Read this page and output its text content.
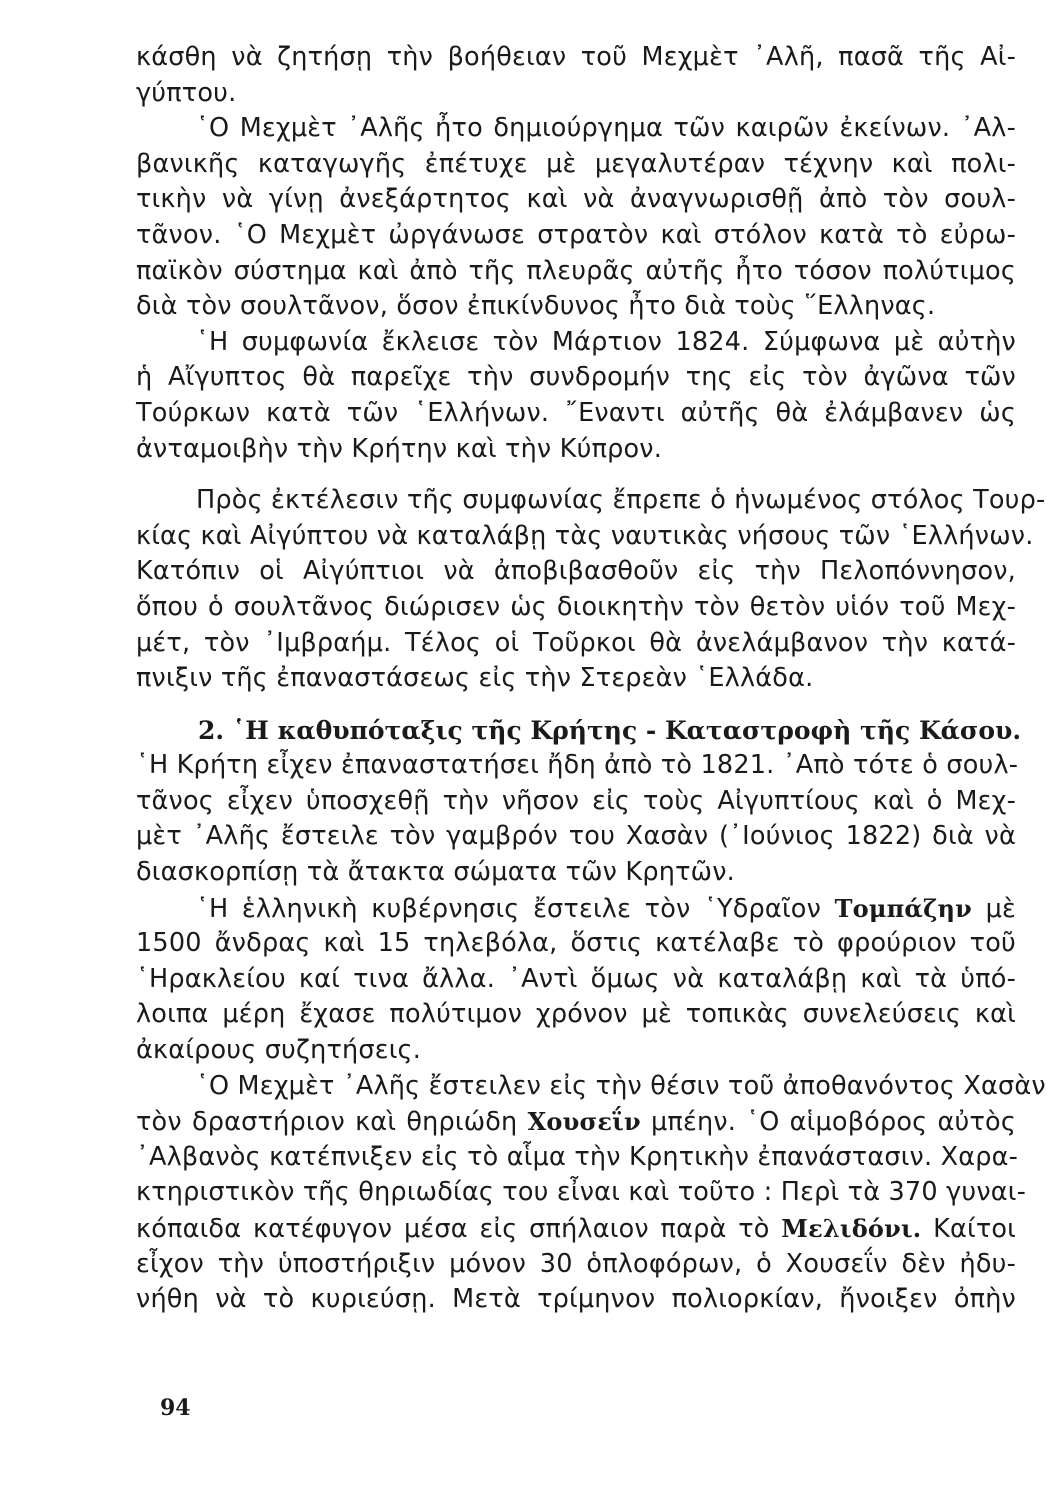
κάσθη νὰ ζητήσῃ τὴν βοήθειαν τοῦ Μεχμὲτ ᾿Αλῆ, πασᾶ τῆς Αἰ-
γύπτου.
῾Ο Μεχμὲτ ᾿Αλῆς ἦτο δημιούργημα τῶν καιρῶν ἐκείνων. ᾿Αλ-
βανικῆς καταγωγῆς ἐπέτυχε μὲ μεγαλυτέραν τέχνην καὶ πολι-
τικὴν νὰ γίνῃ ἀνεξάρτητος καὶ νὰ ἀναγνωρισθῇ ἀπὸ τὸν σουλ-
τᾶνον. ῾Ο Μεχμὲτ ὠργάνωσε στρατὸν καὶ στόλον κατὰ τὸ εὐρω-
παϊκὸν σύστημα καὶ ἀπὸ τῆς πλευρᾶς αὐτῆς ἦτο τόσον πολύτιμος
διὰ τὸν σουλτᾶνον, ὅσον ἐπικίνδυνος ἦτο διὰ τοὺς ῞Ελληνας.
῾Η συμφωνία ἔκλεισε τὸν Μάρτιον 1824. Σύμφωνα μὲ αὐτὴν
ἡ Αἴγυπτος θὰ παρεῖχε τὴν συνδρομήν της εἰς τὸν ἀγῶνα τῶν
Τούρκων κατὰ τῶν ῾Ελλήνων. ῎Εναντι αὐτῆς θὰ ἐλάμβανεν ὡς
ἀνταμοιβὴν τὴν Κρήτην καὶ τὴν Κύπρον.
Πρὸς ἐκτέλεσιν τῆς συμφωνίας ἔπρεπε ὁ ἡνωμένος στόλος Τουρ-
κίας καὶ Αἰγύπτου νὰ καταλάβῃ τὰς ναυτικὰς νήσους τῶν ῾Ελλήνων.
Κατόπιν οἱ Αἰγύπτιοι νὰ ἀποβιβασθοῦν εἰς τὴν Πελοπόννησον,
ὅπου ὁ σουλτᾶνος διώρισεν ὡς διοικητὴν τὸν θετὸν υἱόν τοῦ Μεχ-
μέτ, τὸν ᾿Ιμβραήμ. Τέλος οἱ Τοῦρκοι θὰ ἀνελάμβανον τὴν κατά-
πνιξιν τῆς ἐπαναστάσεως εἰς τὴν Στερεὰν ῾Ελλάδα.
2. ῾Η καθυπόταξις τῆς Κρήτης - Καταστροφὴ τῆς Κάσου.
῾Η Κρήτη εἶχεν ἐπαναστατήσει ἤδη ἀπὸ τὸ 1821. ᾿Απὸ τότε ὁ σουλ-
τᾶνος εἶχεν ὑποσχεθῇ τὴν νῆσον εἰς τοὺς Αἰγυπτίους καὶ ὁ Μεχ-
μὲτ ᾿Αλῆς ἔστειλε τὸν γαμβρόν του Χασὰν (᾿Ιούνιος 1822) διὰ νὰ
διασκορπίσῃ τὰ ἄτακτα σώματα τῶν Κρητῶν.
῾Η ἑλληνικὴ κυβέρνησις ἔστειλε τὸν ῾Υδραῖον Τομπάζην μὲ
1500 ἄνδρας καὶ 15 τηλεβόλα, ὅστις κατέλαβε τὸ φρούριον τοῦ
῾Ηρακλείου καί τινα ἄλλα. ᾿Αντὶ ὅμως νὰ καταλάβῃ καὶ τὰ ὑπό-
λοιπα μέρη ἔχασε πολύτιμον χρόνον μὲ τοπικὰς συνελεύσεις καὶ
ἀκαίρους συζητήσεις.
῾Ο Μεχμὲτ ᾿Αλῆς ἔστειλεν εἰς τὴν θέσιν τοῦ ἀποθανόντος Χασὰν
τὸν δραστήριον καὶ θηριώδη Χουσεΐν μπέην. ῾Ο αἱμοβόρος αὐτὸς
᾿Αλβανὸς κατέπνιξεν εἰς τὸ αἷμα τὴν Κρητικὴν ἐπανάστασιν. Χαρα-
κτηριστικὸν τῆς θηριωδίας του εἶναι καὶ τοῦτο : Περὶ τὰ 370 γυναι-
κόπαιδα κατέφυγον μέσα εἰς σπήλαιον παρὰ τὸ Μελιδόνι. Καίτοι
εἶχον τὴν ὑποστήριξιν μόνον 30 ὁπλοφόρων, ὁ Χουσεΐν δὲν ἠδυ-
νήθη νὰ τὸ κυριεύσῃ. Μετὰ τρίμηνον πολιορκίαν, ἤνοιξεν ὀπὴν
94
